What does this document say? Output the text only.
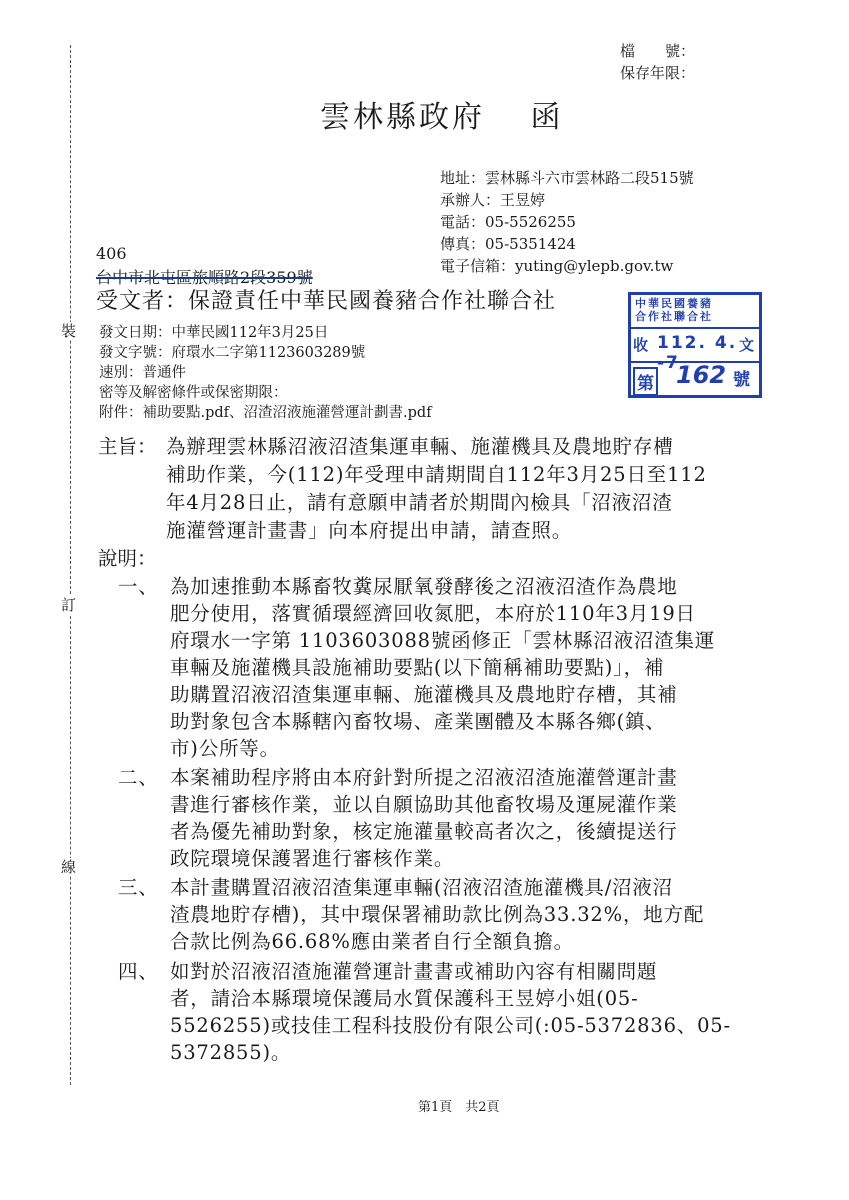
裝
訂
線
檔　　號：
保存年限：
雲林縣政府　 函
地址：雲林縣斗六市雲林路二段515號
承辦人：王昱婷
電話：05-5526255
傳真：05-5351424
電子信箱：yuting@ylepb.gov.tw
406
台中市北屯區旅順路2段359號
受文者：保證責任中華民國養豬合作社聯合社
發文日期：中華民國112年3月25日
發文字號：府環水二字第1123603289號
速別：普通件
密等及解密條件或保密期限：
附件：補助要點.pdf、沼渣沼液施灌營運計劃書.pdf
中華民國養豬
合作社聯合社
收 112. 4. -7
文
第 162 號
主旨： 為辦理雲林縣沼液沼渣集運車輛、施灌機具及農地貯存槽
補助作業，今(112)年受理申請期間自112年3月25日至112
年4月28日止，請有意願申請者於期間內檢具「沼液沼渣
施灌營運計畫書」向本府提出申請，請查照。
說明：
一、 為加速推動本縣畜牧糞尿厭氧發酵後之沼液沼渣作為農地
肥分使用，落實循環經濟回收氮肥，本府於110年3月19日
府環水一字第 1103603088號函修正「雲林縣沼液沼渣集運
車輛及施灌機具設施補助要點(以下簡稱補助要點)」，補
助購置沼液沼渣集運車輛、施灌機具及農地貯存槽，其補
助對象包含本縣轄內畜牧場、產業團體及本縣各鄉(鎮、
市)公所等。
二、 本案補助程序將由本府針對所提之沼液沼渣施灌營運計畫
書進行審核作業，並以自願協助其他畜牧場及運屍灌作業
者為優先補助對象，核定施灌量較高者次之，後續提送行
政院環境保護署進行審核作業。
三、 本計畫購置沼液沼渣集運車輛(沼液沼渣施灌機具/沼液沼
渣農地貯存槽)，其中環保署補助款比例為33.32%，地方配
合款比例為66.68%應由業者自行全額負擔。
四、 如對於沼液沼渣施灌營運計畫書或補助內容有相關問題
者，請洽本縣環境保護局水質保護科王昱婷小姐(05-
5526255)或技佳工程科技股份有限公司(:05-5372836、05-
5372855)。
第1頁　共2頁
